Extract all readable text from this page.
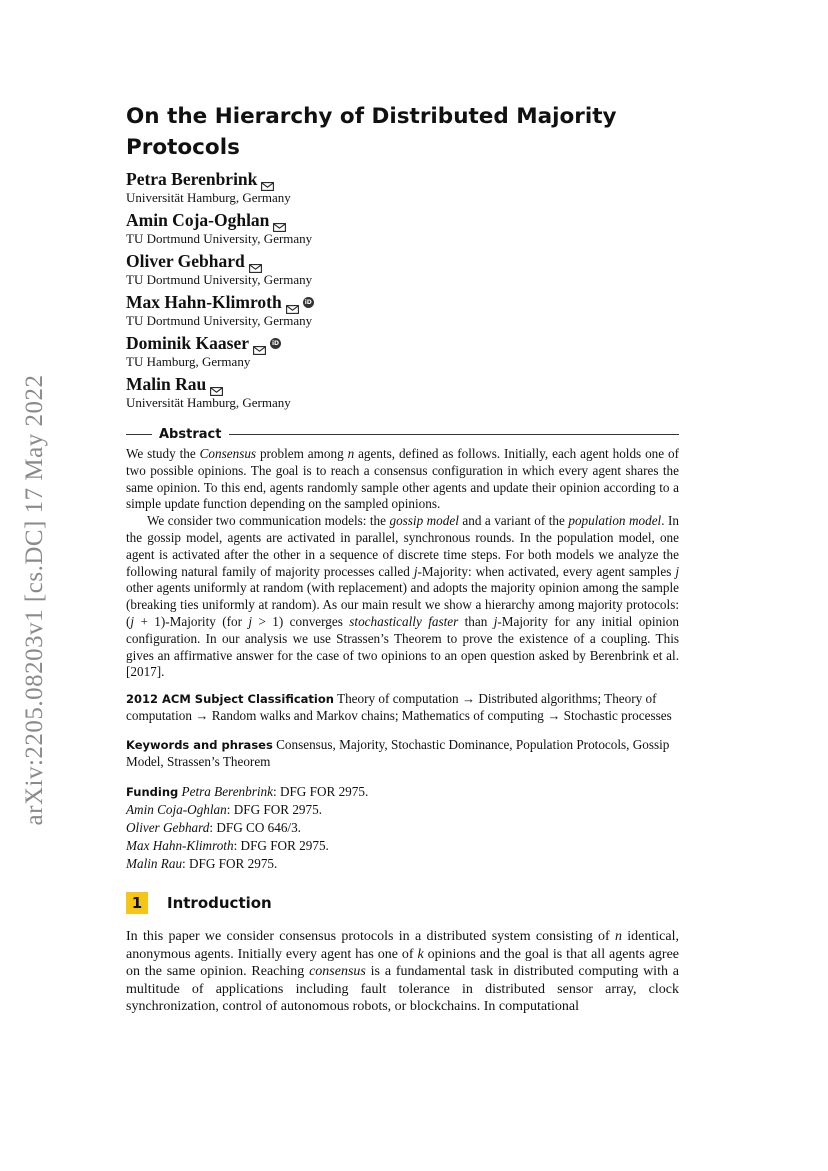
arXiv:2205.08203v1 [cs.DC] 17 May 2022
On the Hierarchy of Distributed Majority Protocols
Petra Berenbrink
Universität Hamburg, Germany
Amin Coja-Oghlan
TU Dortmund University, Germany
Oliver Gebhard
TU Dortmund University, Germany
Max Hahn-Klimroth	iD
TU Dortmund University, Germany
Dominik Kaaser	iD
TU Hamburg, Germany
Malin Rau
Universität Hamburg, Germany
Abstract

We study the Consensus problem among n agents, defined as follows. Initially, each agent holds one of two possible opinions. The goal is to reach a consensus configuration in which every agent shares the same opinion. To this end, agents randomly sample other agents and update their opinion according to a simple update function depending on the sampled opinions.

We consider two communication models: the gossip model and a variant of the population model. In the gossip model, agents are activated in parallel, synchronous rounds. In the population model, one agent is activated after the other in a sequence of discrete time steps. For both models we analyze the following natural family of majority processes called j-Majority: when activated, every agent samples j other agents uniformly at random (with replacement) and adopts the majority opinion among the sample (breaking ties uniformly at random). As our main result we show a hierarchy among majority protocols: (j + 1)-Majority (for j > 1) converges stochastically faster than j-Majority for any initial opinion configuration. In our analysis we use Strassen’s Theorem to prove the existence of a coupling. This gives an affirmative answer for the case of two opinions to an open question asked by Berenbrink et al. [2017].

2012 ACM Subject Classification Theory of computation → Distributed algorithms; Theory of computation → Random walks and Markov chains; Mathematics of computing → Stochastic processes
Keywords and phrases Consensus, Majority, Stochastic Dominance, Population Protocols, Gossip Model, Strassen’s Theorem
Funding Petra Berenbrink: DFG FOR 2975.
Amin Coja-Oghlan: DFG FOR 2975.
Oliver Gebhard: DFG CO 646/3.
Max Hahn-Klimroth: DFG FOR 2975.
Malin Rau: DFG FOR 2975.
1	Introduction

In this paper we consider consensus protocols in a distributed system consisting of n identical, anonymous agents. Initially every agent has one of k opinions and the goal is that all agents agree on the same opinion. Reaching consensus is a fundamental task in distributed computing with a multitude of applications including fault tolerance in distributed sensor array, clock synchronization, control of autonomous robots, or blockchains. In computational
